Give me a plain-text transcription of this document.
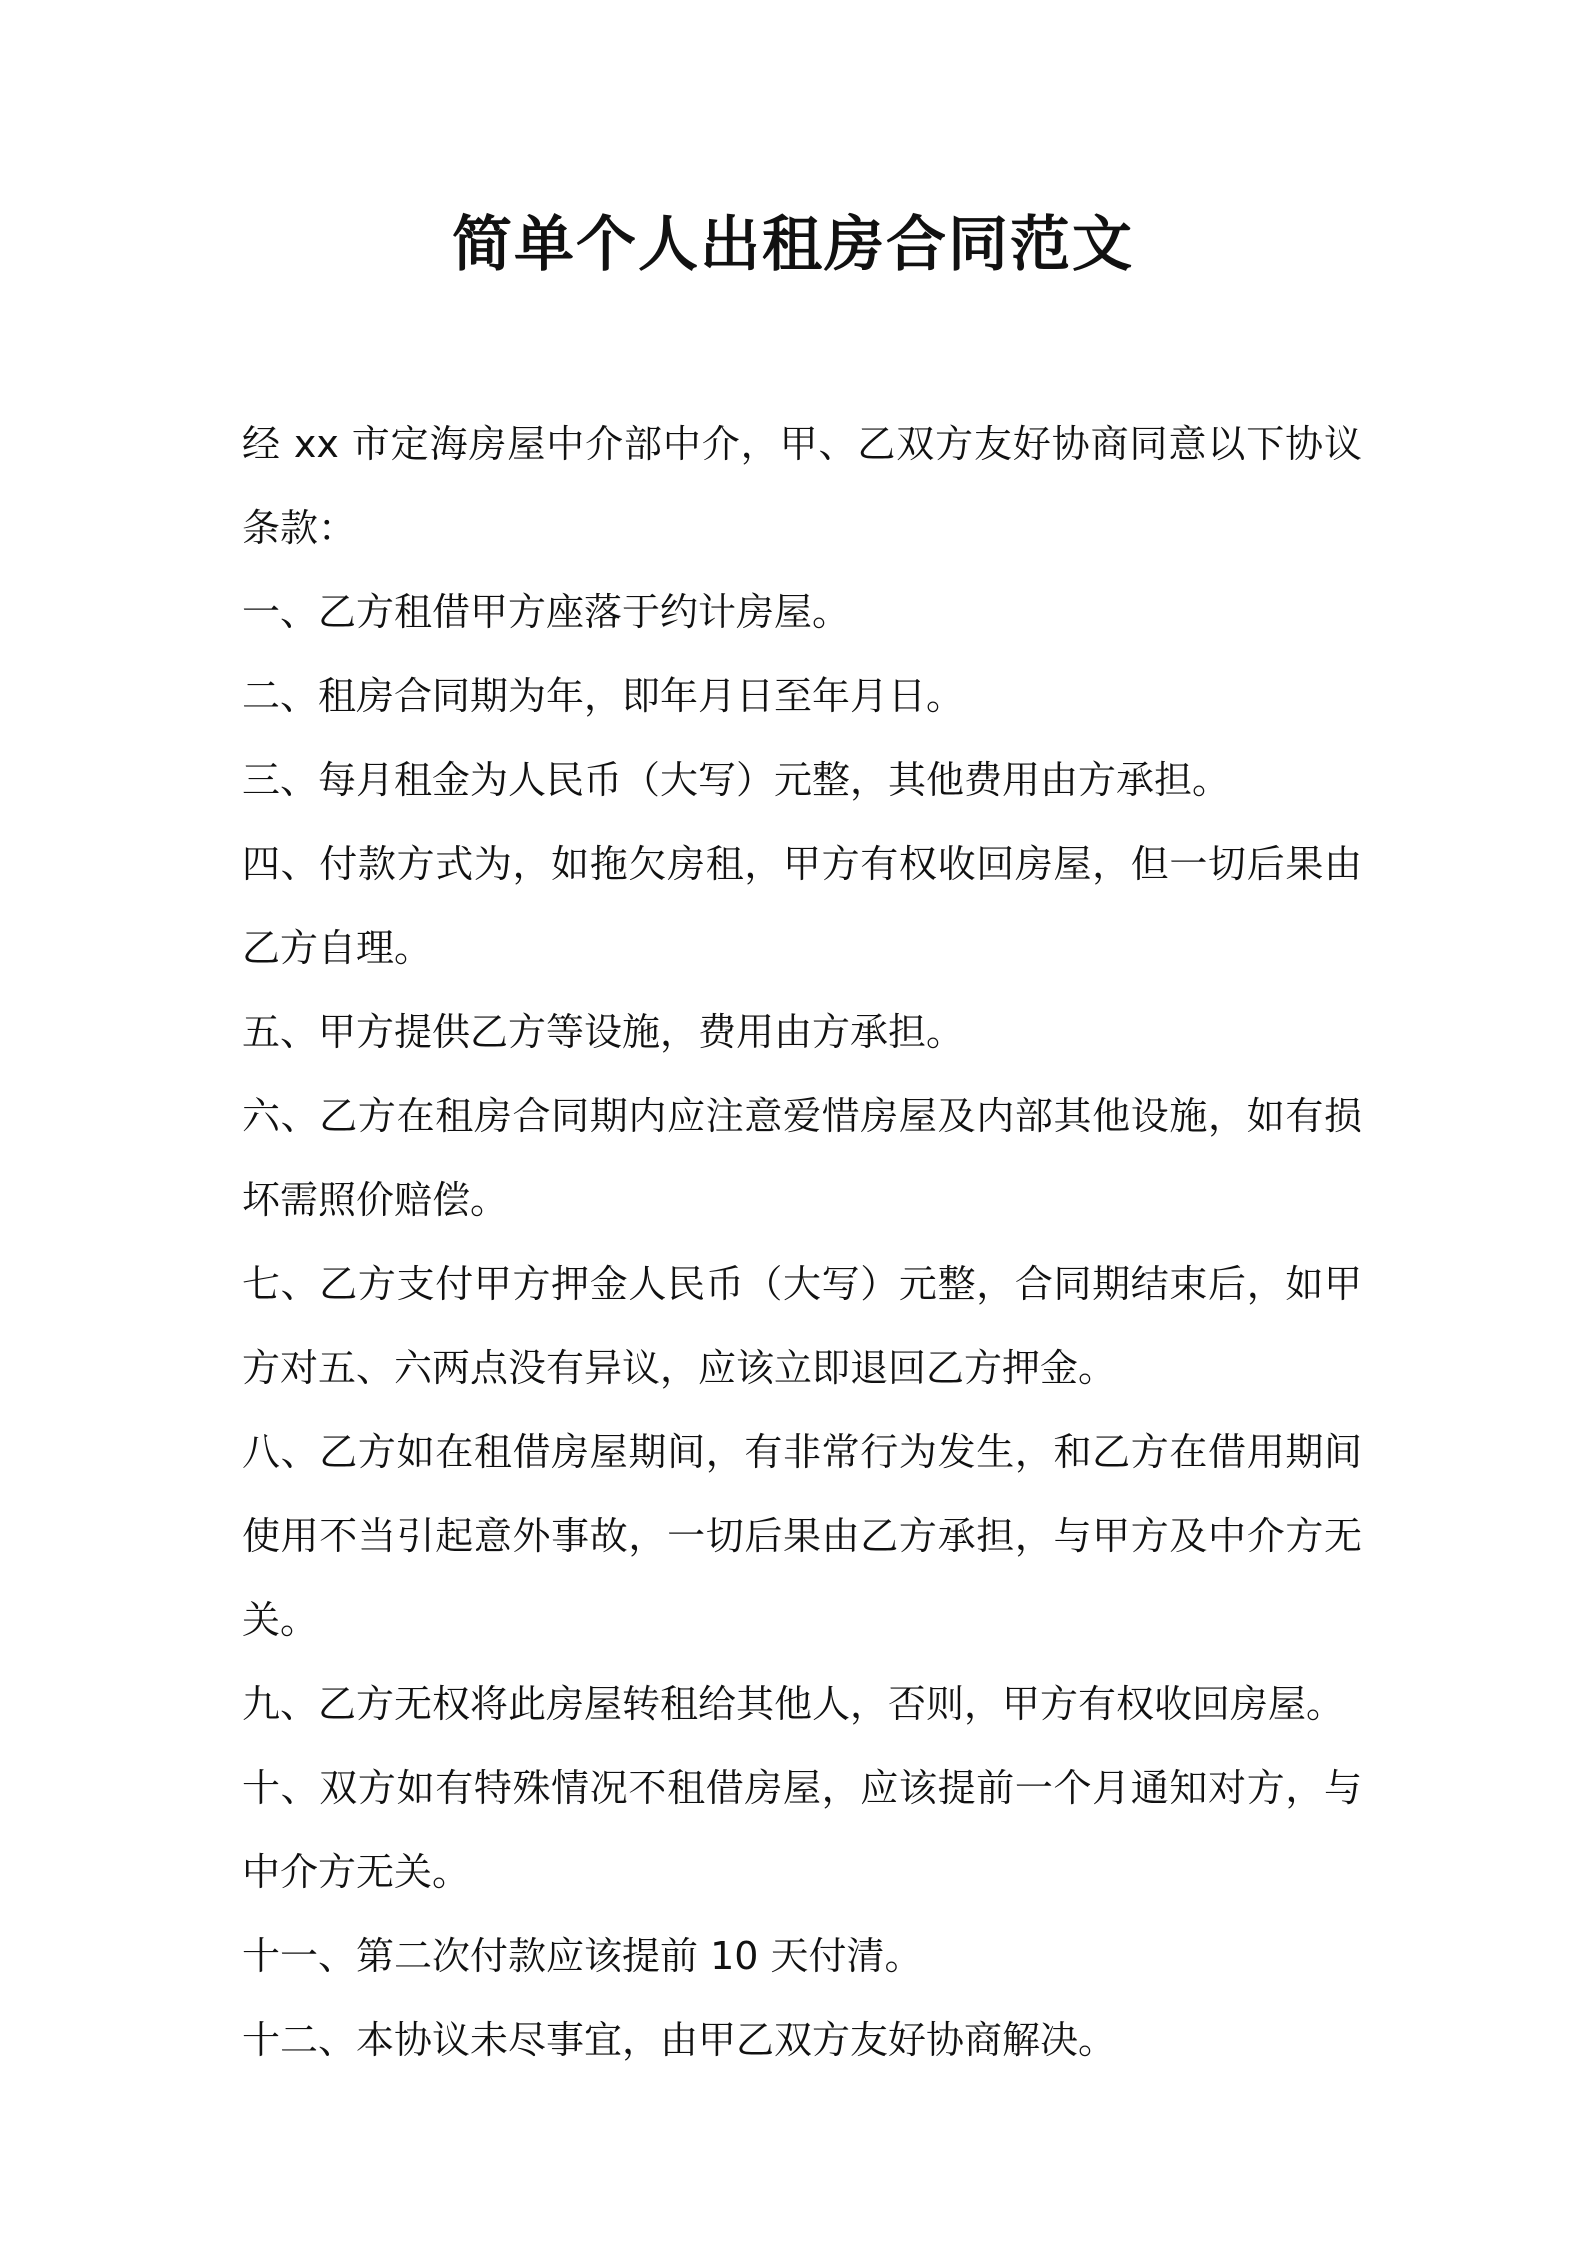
简单个人出租房合同范文

经 xx 市定海房屋中介部中介，甲、乙双方友好协商同意以下协议条款：

一、乙方租借甲方座落于约计房屋。

二、租房合同期为年，即年月日至年月日。

三、每月租金为人民币（大写）元整，其他费用由方承担。

四、付款方式为，如拖欠房租，甲方有权收回房屋，但一切后果由乙方自理。

五、甲方提供乙方等设施，费用由方承担。

六、乙方在租房合同期内应注意爱惜房屋及内部其他设施，如有损坏需照价赔偿。

七、乙方支付甲方押金人民币（大写）元整，合同期结束后，如甲方对五、六两点没有异议，应该立即退回乙方押金。

八、乙方如在租借房屋期间，有非常行为发生，和乙方在借用期间使用不当引起意外事故，一切后果由乙方承担，与甲方及中介方无关。

九、乙方无权将此房屋转租给其他人，否则，甲方有权收回房屋。

十、双方如有特殊情况不租借房屋，应该提前一个月通知对方，与中介方无关。

十一、第二次付款应该提前 10 天付清。

十二、本协议未尽事宜，由甲乙双方友好协商解决。
